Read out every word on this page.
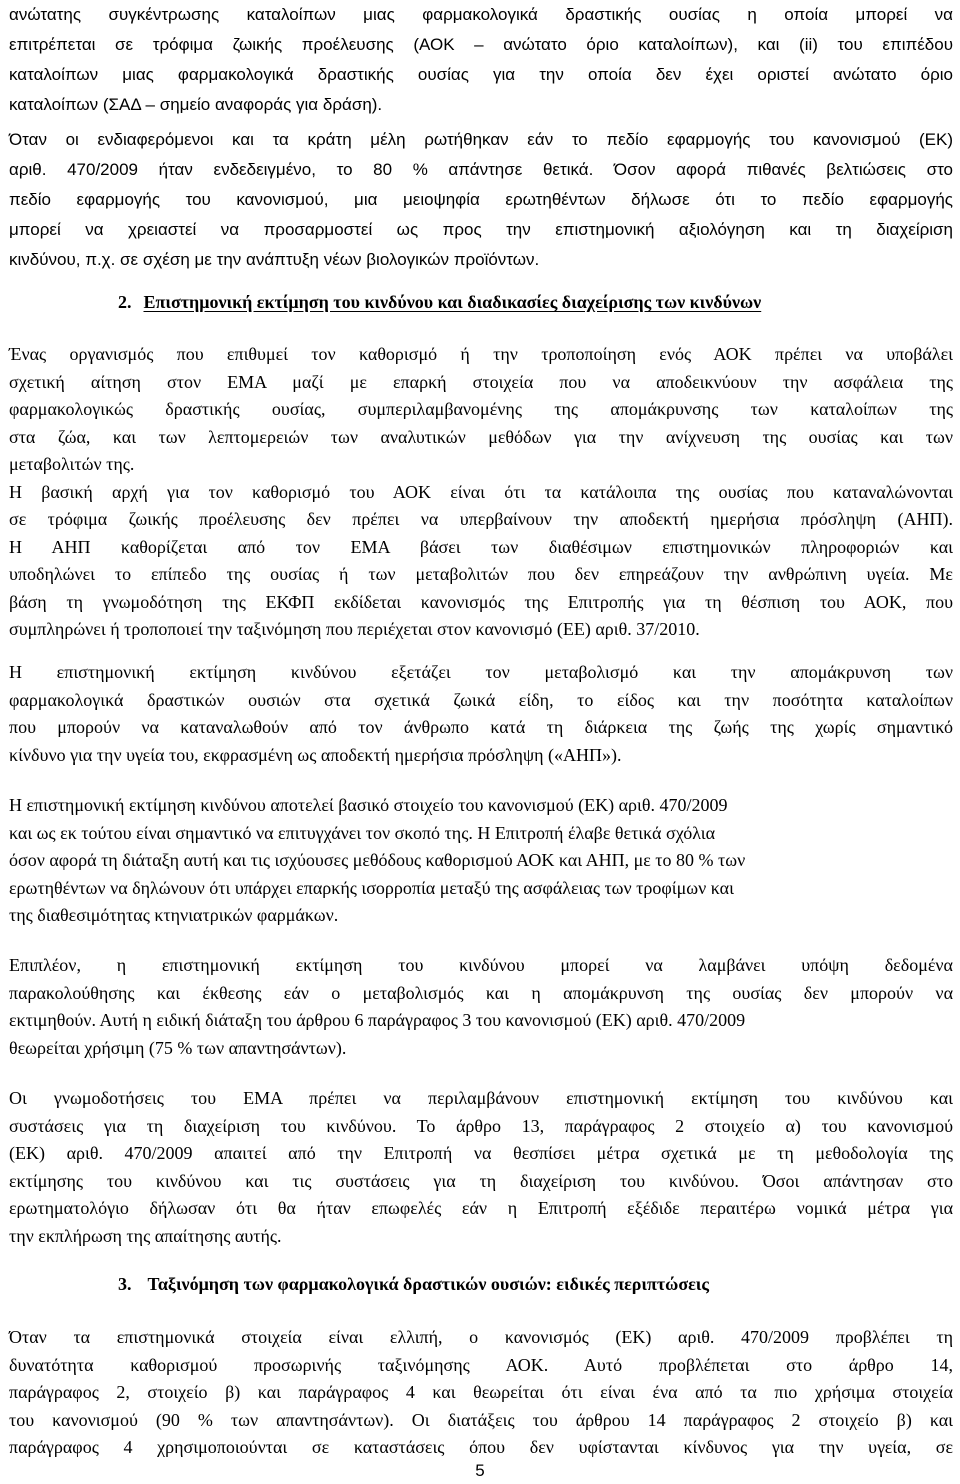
ανώτατης συγκέντρωσης καταλοίπων μιας φαρμακολογικά δραστικής ουσίας η οποία μπορεί να
επιτρέπεται σε τρόφιμα ζωικής προέλευσης (ΑΟΚ – ανώτατο όριο καταλοίπων), και (ii) του επιπέδου
καταλοίπων μιας φαρμακολογικά δραστικής ουσίας για την οποία δεν έχει οριστεί ανώτατο όριο
καταλοίπων (ΣΑΔ – σημείο αναφοράς για δράση).
Όταν οι ενδιαφερόμενοι και τα κράτη μέλη ρωτήθηκαν εάν το πεδίο εφαρμογής του κανονισμού (ΕΚ)
αριθ. 470/2009 ήταν ενδεδειγμένο, το 80 % απάντησε θετικά. Όσον αφορά πιθανές βελτιώσεις στο
πεδίο εφαρμογής του κανονισμού, μια μειοψηφία ερωτηθέντων δήλωσε ότι το πεδίο εφαρμογής
μπορεί να χρειαστεί να προσαρμοστεί ως προς την επιστημονική αξιολόγηση και τη διαχείριση
κινδύνου, π.χ. σε σχέση με την ανάπτυξη νέων βιολογικών προϊόντων.
2. Επιστημονική εκτίμηση του κινδύνου και διαδικασίες διαχείρισης των κινδύνων
Ένας οργανισμός που επιθυμεί τον καθορισμό ή την τροποποίηση ενός ΑΟΚ πρέπει να υποβάλει
σχετική αίτηση στον ΕΜΑ μαζί με επαρκή στοιχεία που να αποδεικνύουν την ασφάλεια της
φαρμακολογικώς δραστικής ουσίας, συμπεριλαμβανομένης της απομάκρυνσης των καταλοίπων της
στα ζώα, και των λεπτομερειών των αναλυτικών μεθόδων για την ανίχνευση της ουσίας και των
μεταβολιτών της.
Η βασική αρχή για τον καθορισμό του ΑΟΚ είναι ότι τα κατάλοιπα της ουσίας που καταναλώνονται
σε τρόφιμα ζωικής προέλευσης δεν πρέπει να υπερβαίνουν την αποδεκτή ημερήσια πρόσληψη (ΑΗΠ).
Η ΑΗΠ καθορίζεται από τον ΕΜΑ βάσει των διαθέσιμων επιστημονικών πληροφοριών και
υποδηλώνει το επίπεδο της ουσίας ή των μεταβολιτών που δεν επηρεάζουν την ανθρώπινη υγεία. Με
βάση τη γνωμοδότηση της ΕΚΦΠ εκδίδεται κανονισμός της Επιτροπής για τη θέσπιση του ΑΟΚ, που
συμπληρώνει ή τροποποιεί την ταξινόμηση που περιέχεται στον κανονισμό (ΕΕ) αριθ. 37/2010.
Η επιστημονική εκτίμηση κινδύνου εξετάζει τον μεταβολισμό και την απομάκρυνση των
φαρμακολογικά δραστικών ουσιών στα σχετικά ζωικά είδη, το είδος και την ποσότητα καταλοίπων
που μπορούν να καταναλωθούν από τον άνθρωπο κατά τη διάρκεια της ζωής της χωρίς σημαντικό
κίνδυνο για την υγεία του, εκφρασμένη ως αποδεκτή ημερήσια πρόσληψη («ΑΗΠ»).
Η επιστημονική εκτίμηση κινδύνου αποτελεί βασικό στοιχείο του κανονισμού (ΕΚ) αριθ. 470/2009
και ως εκ τούτου είναι σημαντικό να επιτυγχάνει τον σκοπό της. Η Επιτροπή έλαβε θετικά σχόλια
όσον αφορά τη διάταξη αυτή και τις ισχύουσες μεθόδους καθορισμού ΑΟΚ και ΑΗΠ, με το 80 % των
ερωτηθέντων να δηλώνουν ότι υπάρχει επαρκής ισορροπία μεταξύ της ασφάλειας των τροφίμων και
της διαθεσιμότητας κτηνιατρικών φαρμάκων.
Επιπλέον, η επιστημονική εκτίμηση του κινδύνου μπορεί να λαμβάνει υπόψη δεδομένα
παρακολούθησης και έκθεσης εάν ο μεταβολισμός και η απομάκρυνση της ουσίας δεν μπορούν να
εκτιμηθούν. Αυτή η ειδική διάταξη του άρθρου 6 παράγραφος 3 του κανονισμού (ΕΚ) αριθ. 470/2009
θεωρείται χρήσιμη (75 % των απαντησάντων).
Οι γνωμοδοτήσεις του ΕΜΑ πρέπει να περιλαμβάνουν επιστημονική εκτίμηση του κινδύνου και
συστάσεις για τη διαχείριση του κινδύνου. Το άρθρο 13, παράγραφος 2 στοιχείο α) του κανονισμού
(ΕΚ) αριθ. 470/2009 απαιτεί από την Επιτροπή να θεσπίσει μέτρα σχετικά με τη μεθοδολογία της
εκτίμησης του κινδύνου και τις συστάσεις για τη διαχείριση του κινδύνου. Όσοι απάντησαν στο
ερωτηματολόγιο δήλωσαν ότι θα ήταν επωφελές εάν η Επιτροπή εξέδιδε περαιτέρω νομικά μέτρα για
την εκπλήρωση της απαίτησης αυτής.
3. Ταξινόμηση των φαρμακολογικά δραστικών ουσιών: ειδικές περιπτώσεις
Όταν τα επιστημονικά στοιχεία είναι ελλιπή, ο κανονισμός (ΕΚ) αριθ. 470/2009 προβλέπει τη
δυνατότητα καθορισμού προσωρινής ταξινόμησης ΑΟΚ. Αυτό προβλέπεται στο άρθρο 14,
παράγραφος 2, στοιχείο β) και παράγραφος 4 και θεωρείται ότι είναι ένα από τα πιο χρήσιμα στοιχεία
του κανονισμού (90 % των απαντησάντων). Οι διατάξεις του άρθρου 14 παράγραφος 2 στοιχείο β) και
παράγραφος 4 χρησιμοποιούνται σε καταστάσεις όπου δεν υφίστανται κίνδυνος για την υγεία, σε
5
